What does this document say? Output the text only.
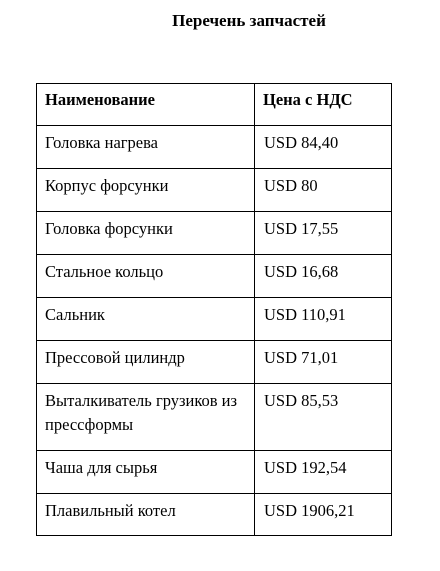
Перечень запчастей
Наименование	Цена с НДС
Головка нагрева	USD 84,40
Корпус форсунки	USD 80
Головка форсунки	USD 17,55
Стальное кольцо	USD 16,68
Сальник	USD 110,91
Прессовой цилиндр	USD 71,01
Выталкиватель грузиков из прессформы	USD 85,53
Чаша для сырья	USD 192,54
Плавильный котел	USD 1906,21
